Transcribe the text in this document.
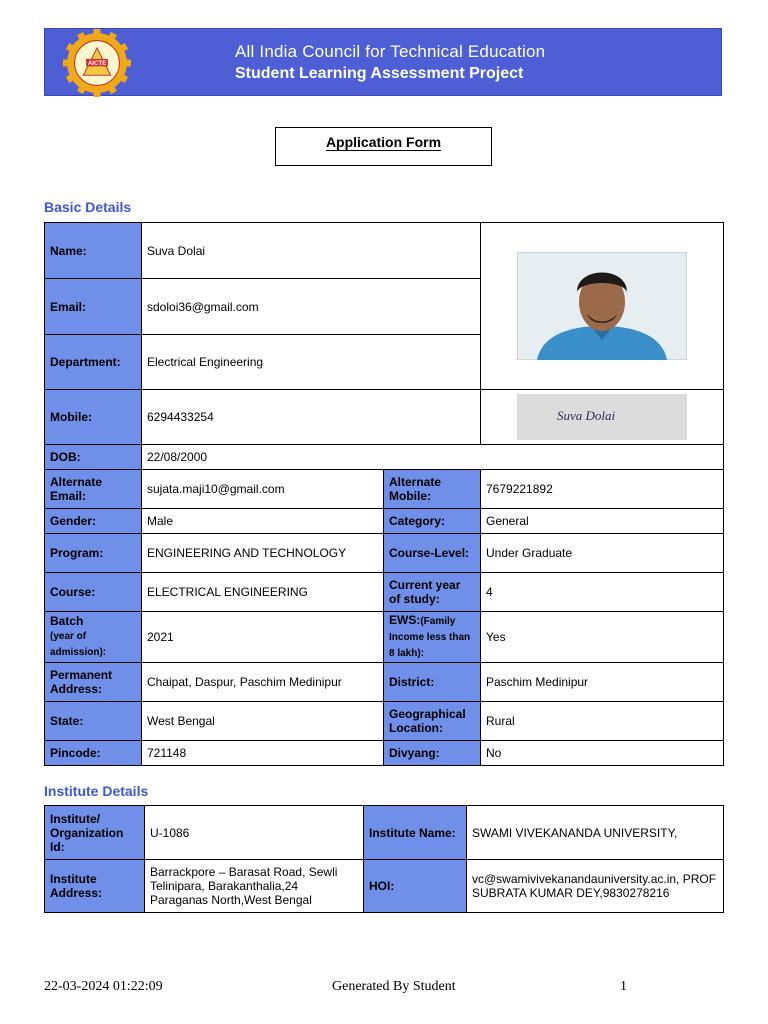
AICTE
All India Council for Technical Education
Student Learning Assessment Project
Application Form
Basic Details
Name:	Suva Dolai	

Email:	sdoloi36@gmail.com		
Department:	Electrical Engineering		
Mobile:	6294433254		Suva Dolai

DOB:	22/08/2000		
Alternate Email:	sujata.maji10@gmail.com	Alternate Mobile:	7679221892
Gender:	Male	Category:	General
Program:	ENGINEERING AND TECHNOLOGY	Course-Level:	Under Graduate
Course:	ELECTRICAL ENGINEERING	Current year of study:	4
Batch
(year of admission):	2021	EWS:(Family Income less than 8 lakh):	Yes
Permanent Address:	Chaipat, Daspur, Paschim Medinipur	District:	Paschim Medinipur
State:	West Bengal	Geographical Location:	Rural
Pincode:	721148	Divyang:	No
Institute Details
Institute/ Organization Id:	U-1086	Institute Name:	SWAMI VIVEKANANDA UNIVERSITY,
Institute Address:	Barrackpore – Barasat Road, Sewli Telinipara, Barakanthalia,24 Paraganas North,West Bengal	HOI:	vc@swamivivekanandauniversity.ac.in, PROF SUBRATA KUMAR DEY,9830278216
22-03-2024 01:22:09	Generated By Student	1
